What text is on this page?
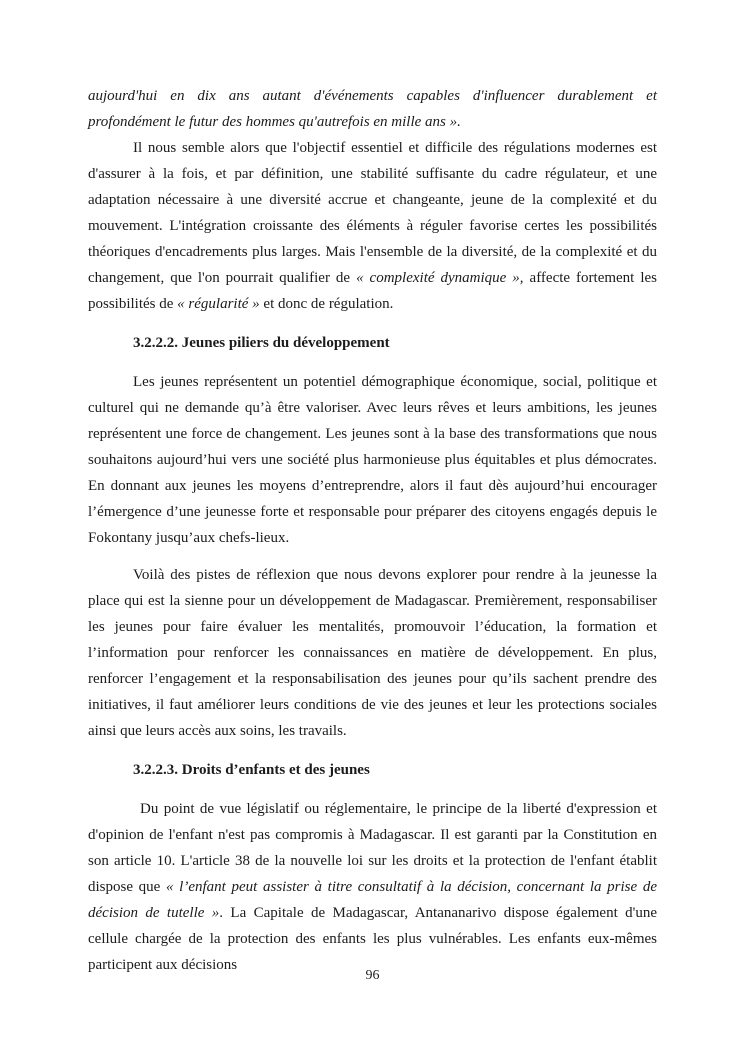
aujourd'hui en dix ans autant d'événements capables d'influencer durablement et profondément le futur des hommes qu'autrefois en mille ans ».

Il nous semble alors que l'objectif essentiel et difficile des régulations modernes est d'assurer à la fois, et par définition, une stabilité suffisante du cadre régulateur, et une adaptation nécessaire à une diversité accrue et changeante, jeune de la complexité et du mouvement. L'intégration croissante des éléments à réguler favorise certes les possibilités théoriques d'encadrements plus larges. Mais l'ensemble de la diversité, de la complexité et du changement, que l'on pourrait qualifier de « complexité dynamique », affecte fortement les possibilités de « régularité » et donc de régulation.

3.2.2.2. Jeunes piliers du développement

Les jeunes représentent un potentiel démographique économique, social, politique et culturel qui ne demande qu’à être valoriser. Avec leurs rêves et leurs ambitions, les jeunes représentent une force de changement. Les jeunes sont à la base des transformations que nous souhaitons aujourd’hui vers une société plus harmonieuse plus équitables et plus démocrates. En donnant aux jeunes les moyens d’entreprendre, alors il faut dès aujourd’hui encourager l’émergence d’une jeunesse forte et responsable pour préparer des citoyens engagés depuis le Fokontany jusqu’aux chefs-lieux.

Voilà des pistes de réflexion que nous devons explorer pour rendre à la jeunesse la place qui est la sienne pour un développement de Madagascar. Premièrement, responsabiliser les jeunes pour faire évaluer les mentalités, promouvoir l’éducation, la formation et l’information pour renforcer les connaissances en matière de développement. En plus, renforcer l’engagement et la responsabilisation des jeunes pour qu’ils sachent prendre des initiatives, il faut améliorer leurs conditions de vie des jeunes et leur les protections sociales ainsi que leurs accès aux soins, les travails.

3.2.2.3. Droits d’enfants et des jeunes

Du point de vue législatif ou réglementaire, le principe de la liberté d'expression et d'opinion de l'enfant n'est pas compromis à Madagascar. Il est garanti par la Constitution en son article 10. L'article 38 de la nouvelle loi sur les droits et la protection de l'enfant établit dispose que « l’enfant peut assister à titre consultatif à la décision, concernant la prise de décision de tutelle ». La Capitale de Madagascar, Antananarivo dispose également d'une cellule chargée de la protection des enfants les plus vulnérables. Les enfants eux-mêmes participent aux décisions

96
